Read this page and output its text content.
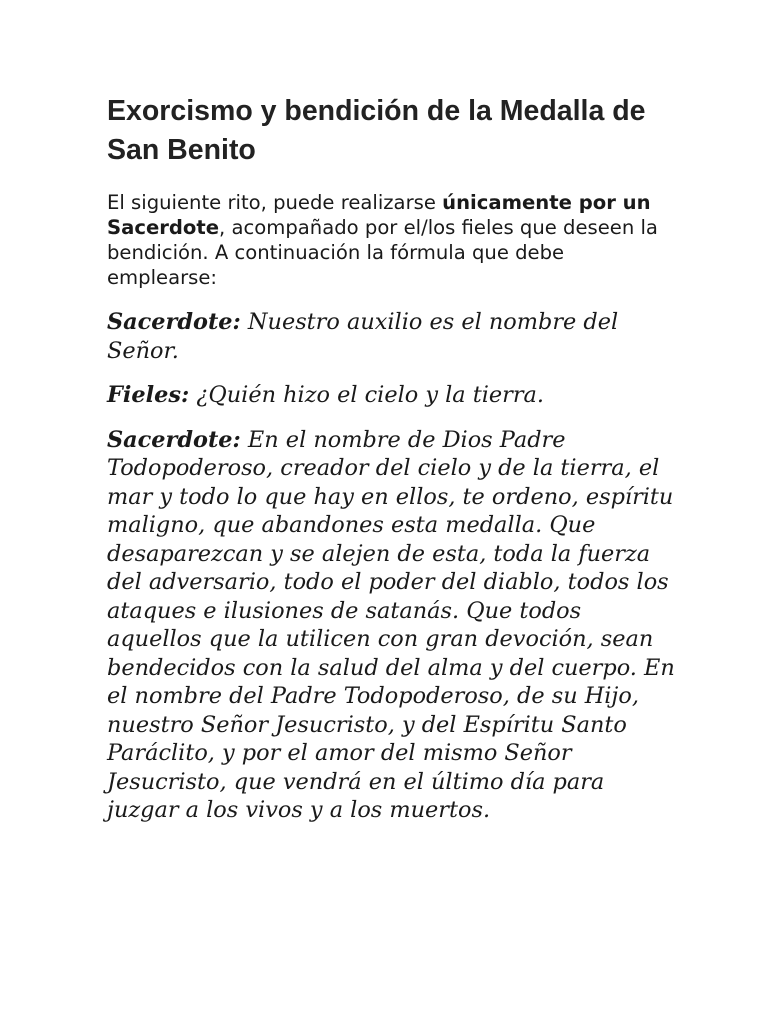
Exorcismo y bendición de la Medalla de San Benito

El siguiente rito, puede realizarse únicamente por un Sacerdote, acompañado por el/los fieles que deseen la bendición. A continuación la fórmula que debe emplearse:

Sacerdote: Nuestro auxilio es el nombre del Señor.

Fieles: ¿Quién hizo el cielo y la tierra.

Sacerdote: En el nombre de Dios Padre Todopoderoso, creador del cielo y de la tierra, el mar y todo lo que hay en ellos, te ordeno, espíritu maligno, que abandones esta medalla. Que desaparezcan y se alejen de esta, toda la fuerza del adversario, todo el poder del diablo, todos los ataques e ilusiones de satanás. Que todos aquellos que la utilicen con gran devoción, sean bendecidos con la salud del alma y del cuerpo. En el nombre del Padre Todopoderoso, de su Hijo, nuestro Señor Jesucristo, y del Espíritu Santo Paráclito, y por el amor del mismo Señor Jesucristo, que vendrá en el último día para juzgar a los vivos y a los muertos.
